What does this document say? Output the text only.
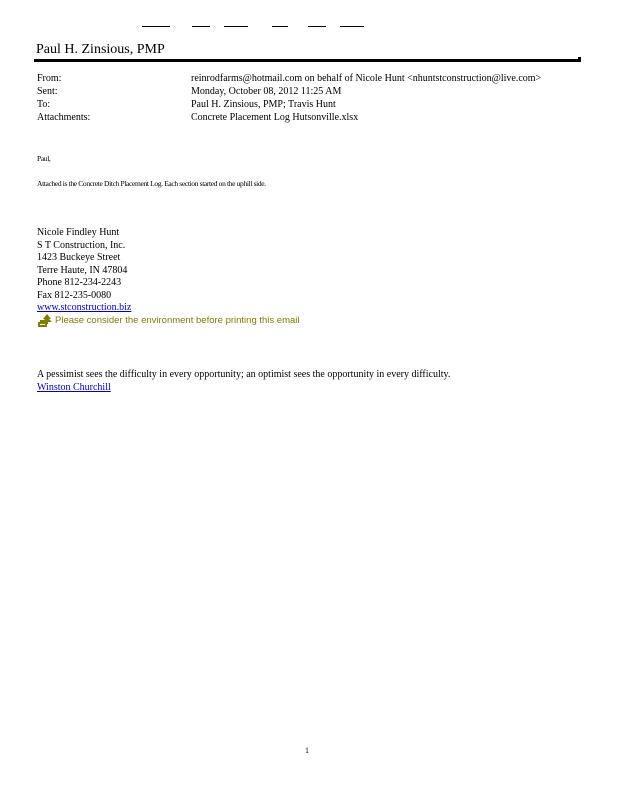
Paul H. Zinsious, PMP
From:	reinrodfarms@hotmail.com on behalf of Nicole Hunt <nhuntstconstruction@live.com>
Sent:	Monday, October 08, 2012 11:25 AM
To:	Paul H. Zinsious, PMP; Travis Hunt
Attachments:	Concrete Placement Log Hutsonville.xlsx
Paul,
Attached is the Concrete Ditch Placement Log. Each section started on the uphill side.
Nicole Findley Hunt
S T Construction, Inc.
1423 Buckeye Street
Terre Haute, IN 47804
Phone 812-234-2243
Fax 812-235-0080
www.stconstruction.biz
Please consider the environment before printing this email
A pessimist sees the difficulty in every opportunity; an optimist sees the opportunity in every difficulty.
Winston Churchill
1
